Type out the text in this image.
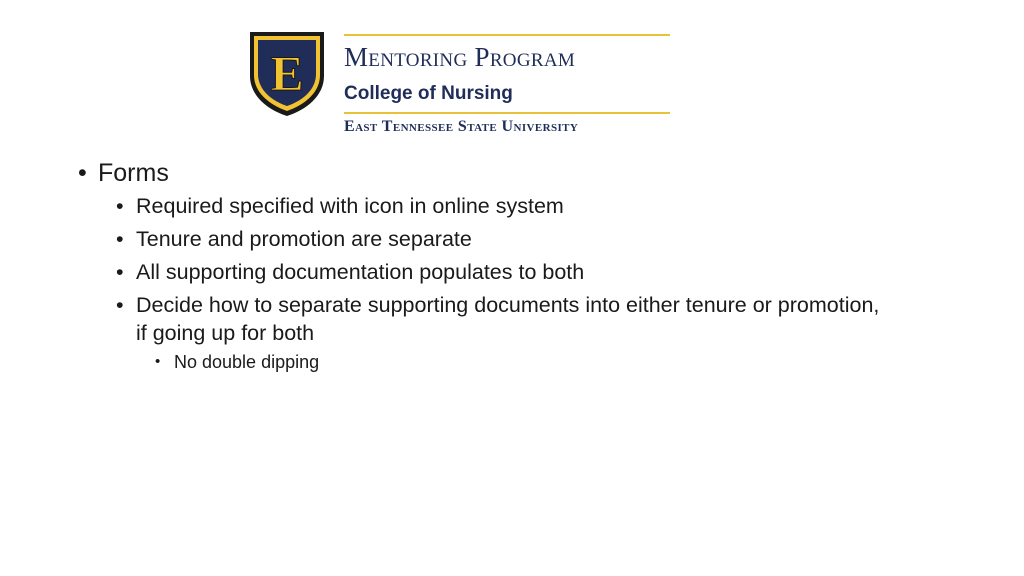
E Mentoring Program
College of Nursing
East Tennessee State University
• Forms
• Required specified with icon in online system
• Tenure and promotion are separate
• All supporting documentation populates to both
• Decide how to separate supporting documents into either tenure or promotion, if going up for both
• No double dipping
